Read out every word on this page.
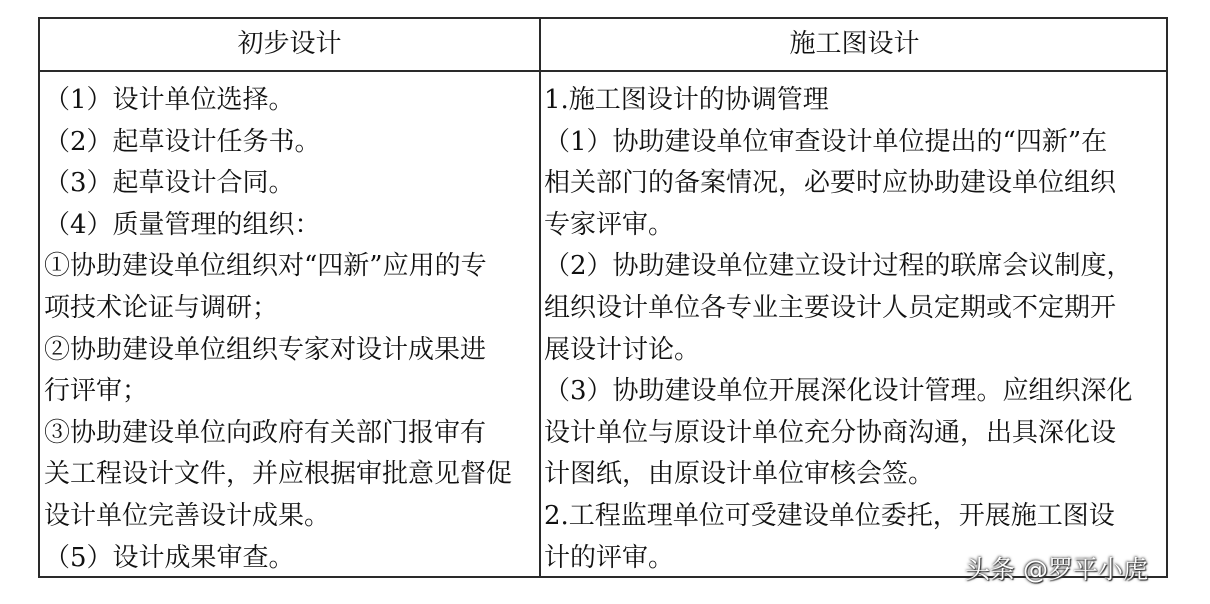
初步设计	施工图设计
（1）设计单位选择。
（2）起草设计任务书。
（3）起草设计合同。
（4）质量管理的组织：
①协助建设单位组织对“四新”应用的专
项技术论证与调研；
②协助建设单位组织专家对设计成果进
行评审；
③协助建设单位向政府有关部门报审有
关工程设计文件，并应根据审批意见督促
设计单位完善设计成果。
（5）设计成果审查。
1.施工图设计的协调管理
（1）协助建设单位审查设计单位提出的“四新”在
相关部门的备案情况，必要时应协助建设单位组织
专家评审。
（2）协助建设单位建立设计过程的联席会议制度，
组织设计单位各专业主要设计人员定期或不定期开
展设计讨论。
（3）协助建设单位开展深化设计管理。应组织深化
设计单位与原设计单位充分协商沟通，出具深化设
计图纸，由原设计单位审核会签。
2.工程监理单位可受建设单位委托，开展施工图设
计的评审。	头条 @罗平小虎
